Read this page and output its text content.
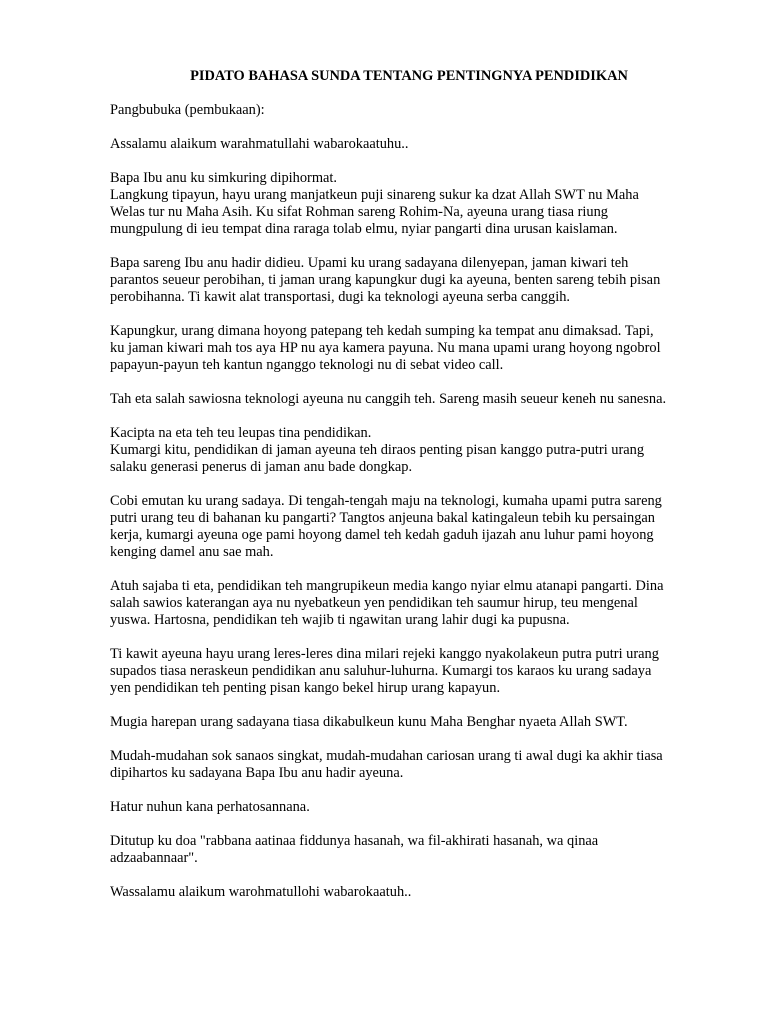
PIDATO BAHASA SUNDA TENTANG PENTINGNYA PENDIDIKAN
Pangbubuka (pembukaan):
Assalamu alaikum warahmatullahi wabarokaatuhu..
Bapa Ibu anu ku simkuring dipihormat.
Langkung tipayun, hayu urang manjatkeun puji sinareng sukur ka dzat Allah SWT nu Maha
Welas tur nu Maha Asih. Ku sifat Rohman sareng Rohim-Na, ayeuna urang tiasa riung
mungpulung di ieu tempat dina raraga tolab elmu, nyiar pangarti dina urusan kaislaman.
Bapa sareng Ibu anu hadir didieu. Upami ku urang sadayana dilenyepan, jaman kiwari teh
parantos seueur perobihan, ti jaman urang kapungkur dugi ka ayeuna, benten sareng tebih pisan
perobihanna. Ti kawit alat transportasi, dugi ka teknologi ayeuna serba canggih.
Kapungkur, urang dimana hoyong patepang teh kedah sumping ka tempat anu dimaksad. Tapi,
ku jaman kiwari mah tos aya HP nu aya kamera payuna. Nu mana upami urang hoyong ngobrol
papayun-payun teh kantun nganggo teknologi nu di sebat video call.
Tah eta salah sawiosna teknologi ayeuna nu canggih teh. Sareng masih seueur keneh nu sanesna.
Kacipta na eta teh teu leupas tina pendidikan.
Kumargi kitu, pendidikan di jaman ayeuna teh diraos penting pisan kanggo putra-putri urang
salaku generasi penerus di jaman anu bade dongkap.
Cobi emutan ku urang sadaya. Di tengah-tengah maju na teknologi, kumaha upami putra sareng
putri urang teu di bahanan ku pangarti? Tangtos anjeuna bakal katingaleun tebih ku persaingan
kerja, kumargi ayeuna oge pami hoyong damel teh kedah gaduh ijazah anu luhur pami hoyong
kenging damel anu sae mah.
Atuh sajaba ti eta, pendidikan teh mangrupikeun media kango nyiar elmu atanapi pangarti. Dina
salah sawios katerangan aya nu nyebatkeun yen pendidikan teh saumur hirup, teu mengenal
yuswa. Hartosna, pendidikan teh wajib ti ngawitan urang lahir dugi ka pupusna.
Ti kawit ayeuna hayu urang leres-leres dina milari rejeki kanggo nyakolakeun putra putri urang
supados tiasa neraskeun pendidikan anu saluhur-luhurna. Kumargi tos karaos ku urang sadaya
yen pendidikan teh penting pisan kango bekel hirup urang kapayun.
Mugia harepan urang sadayana tiasa dikabulkeun kunu Maha Benghar nyaeta Allah SWT.
Mudah-mudahan sok sanaos singkat, mudah-mudahan cariosan urang ti awal dugi ka akhir tiasa
dipihartos ku sadayana Bapa Ibu anu hadir ayeuna.
Hatur nuhun kana perhatosannana.
Ditutup ku doa "rabbana aatinaa fiddunya hasanah, wa fil-akhirati hasanah, wa qinaa
adzaabannaar".
Wassalamu alaikum warohmatullohi wabarokaatuh..
